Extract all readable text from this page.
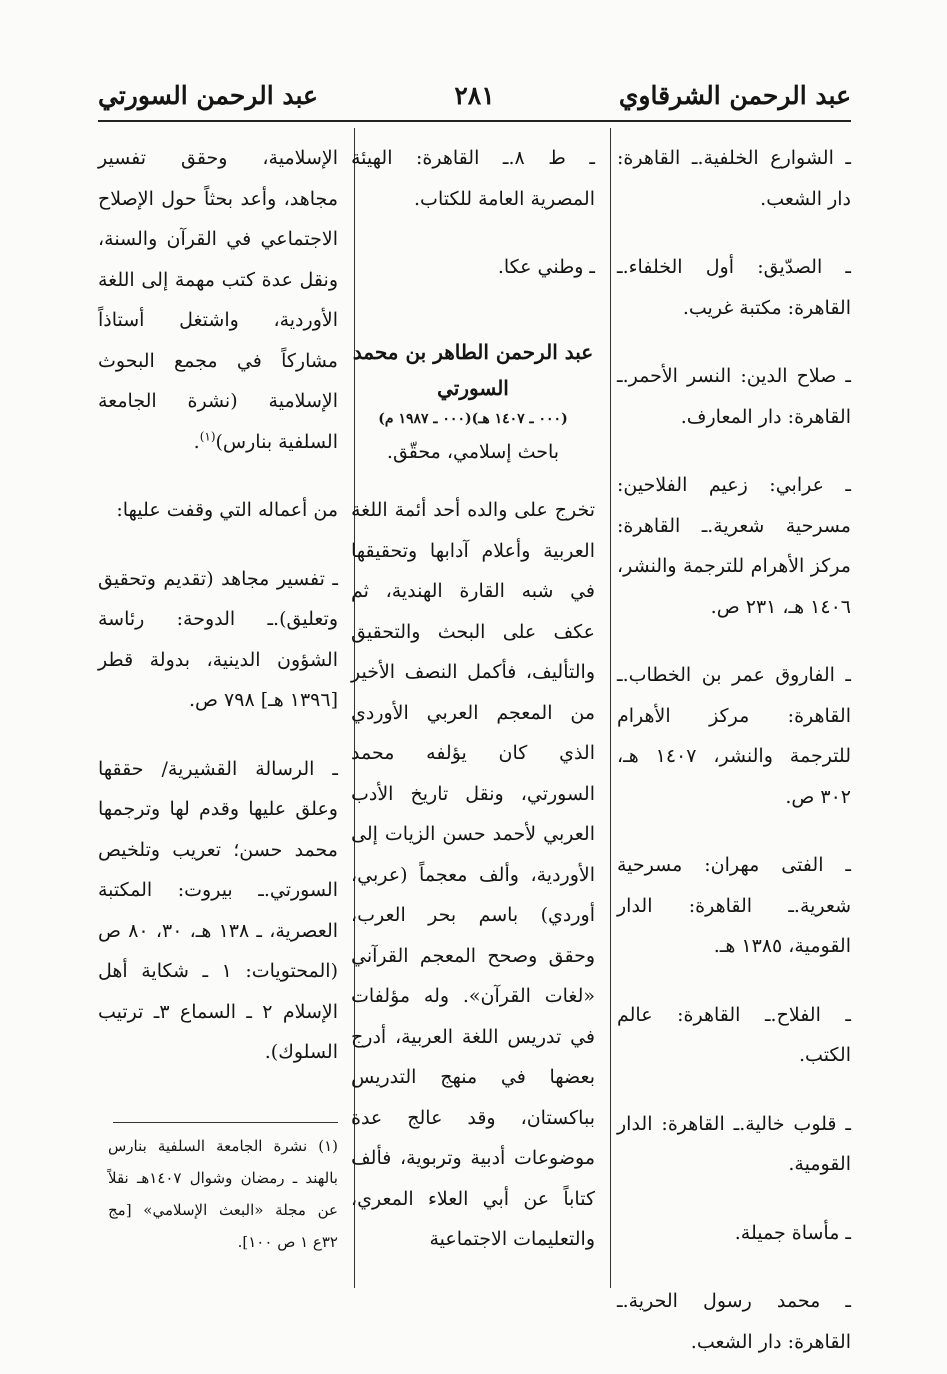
عبد الرحمن الشرقاوي
٢٨١
عبد الرحمن السورتي

ـ الشوارع الخلفية.ـ القاهرة: دار الشعب.

ـ الصدّيق: أول الخلفاء.ـ القاهرة: مكتبة غريب.

ـ صلاح الدين: النسر الأحمر.ـ القاهرة: دار المعارف.

ـ عرابي: زعيم الفلاحين: مسرحية شعرية.ـ القاهرة: مركز الأهرام للترجمة والنشر، ١٤٠٦ هـ، ٢٣١ ص.

ـ الفاروق عمر بن الخطاب.ـ القاهرة: مركز الأهرام للترجمة والنشر، ١٤٠٧ هـ، ٣٠٢ ص.

ـ الفتى مهران: مسرحية شعرية.ـ القاهرة: الدار القومية، ١٣٨٥ هـ.

ـ الفلاح.ـ القاهرة: عالم الكتب.

ـ قلوب خالية.ـ القاهرة: الدار القومية.

ـ مأساة جميلة.

ـ محمد رسول الحرية.ـ القاهرة: دار الشعب.

ـ ط ٨.ـ القاهرة: الهيئة المصرية العامة للكتاب.

ـ وطني عكا.

عبد الرحمن الطاهر بن محمد السورتي

(٠٠٠ ـ ١٤٠٧ هـ)(٠٠٠ ـ ١٩٨٧ م)

باحث إسلامي، محقّق.

تخرج على والده أحد أئمة اللغة العربية وأعلام آدابها وتحقيقها في شبه القارة الهندية، ثم عكف على البحث والتحقيق والتأليف، فأكمل النصف الأخير من المعجم العربي الأوردي الذي كان يؤلفه محمد السورتي، ونقل تاريخ الأدب العربي لأحمد حسن الزيات إلى الأوردية، وألف معجماً (عربي، أوردي) باسم بحر العرب، وحقق وصحح المعجم القرآني «لغات القرآن». وله مؤلفات في تدريس اللغة العربية، أدرج بعضها في منهج التدريس بباكستان، وقد عالج عدة موضوعات أدبية وتربوية، فألف كتاباً عن أبي العلاء المعري، والتعليمات الاجتماعية

الإسلامية، وحقق تفسير مجاهد، وأعد بحثاً حول الإصلاح الاجتماعي في القرآن والسنة، ونقل عدة كتب مهمة إلى اللغة الأوردية، واشتغل أستاذاً مشاركاً في مجمع البحوث الإسلامية (نشرة الجامعة السلفية بنارس)$^{(١)}$.

من أعماله التي وقفت عليها:

ـ تفسير مجاهد (تقديم وتحقيق وتعليق).ـ الدوحة: رئاسة الشؤون الدينية، بدولة قطر [١٣٩٦ هـ] ٧٩٨ ص.

ـ الرسالة القشيرية/ حققها وعلق عليها وقدم لها وترجمها محمد حسن؛ تعريب وتلخيص السورتي.ـ بيروت: المكتبة العصرية، ـ ١٣٨ هـ، ٣٠، ٨٠ ص (المحتويات: ١ ـ شكاية أهل الإسلام ٢ ـ السماع ٣ـ ترتيب السلوك).

(١) نشرة الجامعة السلفية بنارس بالهند ـ رمضان وشوال ١٤٠٧هـ نقلاً عن مجلة «البعث الإسلامي» [مج ٣٢ع ١ ص ١٠٠].
